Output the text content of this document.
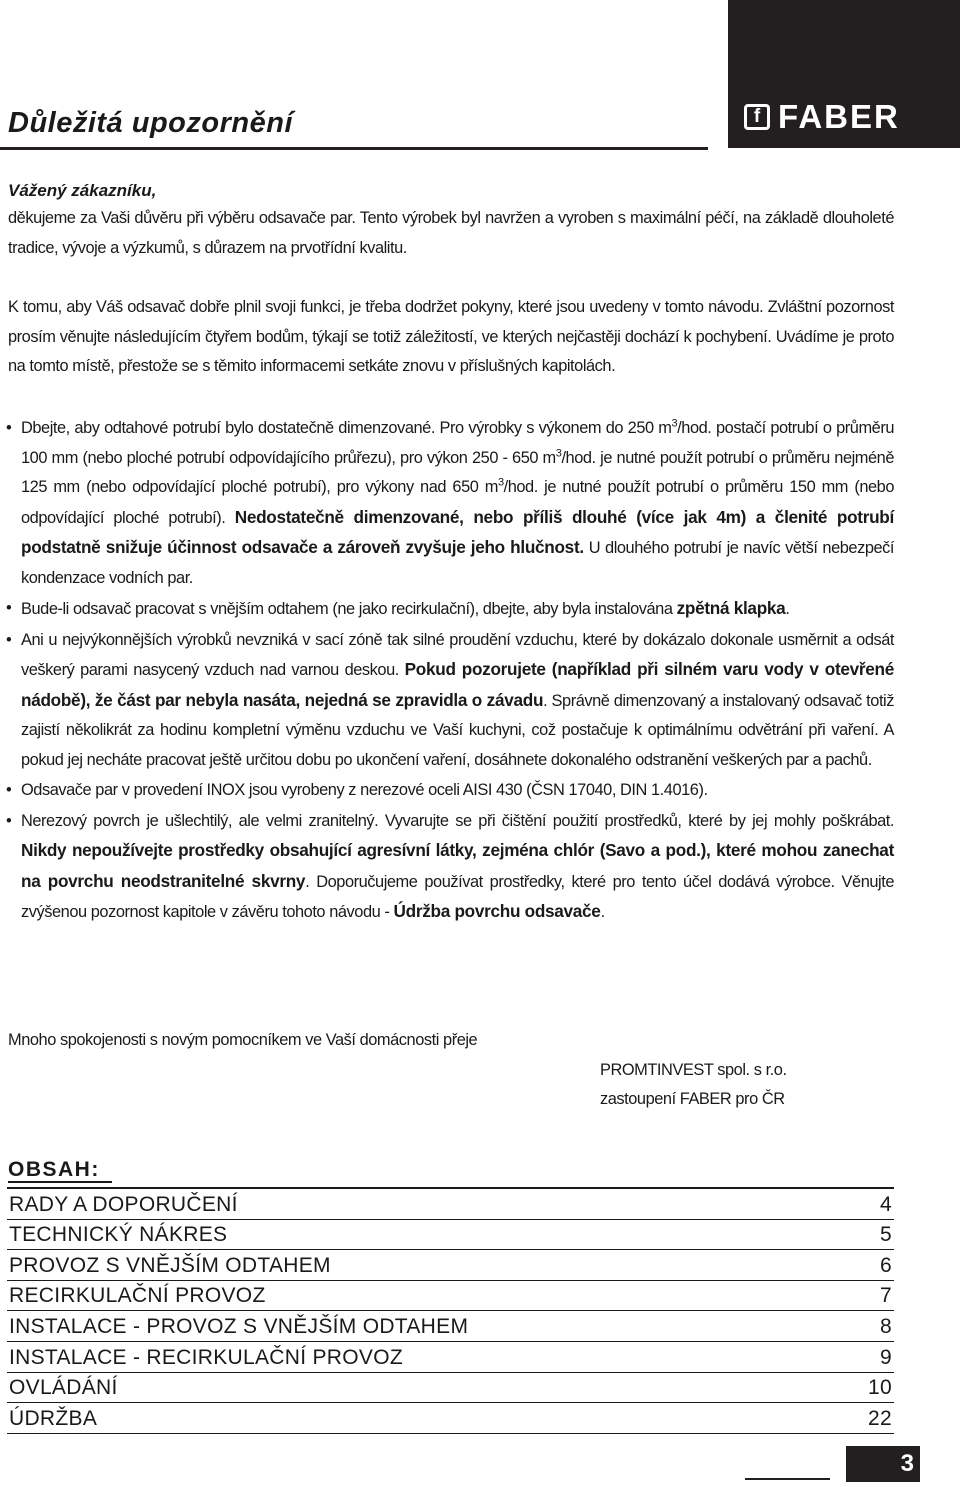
f FABER
Důležitá upozornění

Vážený zákazníku,

děkujeme za Vaši důvěru při výběru odsavače par. Tento výrobek byl navržen a vyroben s maximální péčí, na základě dlouholeté tradice, vývoje a výzkumů, s důrazem na prvotřídní kvalitu.

K tomu, aby Váš odsavač dobře plnil svoji funkci, je třeba dodržet pokyny, které jsou uvedeny v tomto návodu. Zvláštní pozornost prosím věnujte následujícím čtyřem bodům, týkají se totiž záležitostí, ve kterých nejčastěji dochází k pochybení. Uvádíme je proto na tomto místě, přestože se s těmito informacemi setkáte znovu v příslušných kapitolách.

• Dbejte, aby odtahové potrubí bylo dostatečně dimenzované. Pro výrobky s výkonem do 250 $m^3$/hod. postačí potrubí o průměru 100 mm (nebo ploché potrubí odpovídajícího průřezu), pro výkon 250 - 650 $m^3$/hod. je nutné použít potrubí o průměru nejméně 125 mm (nebo odpovídající ploché potrubí), pro výkony nad 650 $m^3$/hod. je nutné použít potrubí o průměru 150 mm (nebo odpovídající ploché potrubí). Nedostatečně dimenzované, nebo příliš dlouhé (více jak 4m) a členité potrubí podstatně snižuje účinnost odsavače a zároveň zvyšuje jeho hlučnost. U dlouhého potrubí je navíc větší nebezpečí kondenzace vodních par.
• Bude-li odsavač pracovat s vnějším odtahem (ne jako recirkulační), dbejte, aby byla instalována zpětná klapka.
• Ani u nejvýkonnějších výrobků nevzniká v sací zóně tak silné proudění vzduchu, které by dokázalo dokonale usměrnit a odsát veškerý parami nasycený vzduch nad varnou deskou. Pokud pozorujete (například při silném varu vody v otevřené nádobě), že část par nebyla nasáta, nejedná se zpravidla o závadu. Správně dimenzovaný a instalovaný odsavač totiž zajistí několikrát za hodinu kompletní výměnu vzduchu ve Vaší kuchyni, což postačuje k optimálnímu odvětrání při vaření. A pokud jej necháte pracovat ještě určitou dobu po ukončení vaření, dosáhnete dokonalého odstranění veškerých par a pachů.
• Odsavače par v provedení INOX jsou vyrobeny z nerezové oceli AISI 430 (ČSN 17040, DIN 1.4016).
• Nerezový povrch je ušlechtilý, ale velmi zranitelný. Vyvarujte se při čištění použití prostředků, které by jej mohly poškrábat. Nikdy nepoužívejte prostředky obsahující agresívní látky, zejména chlór (Savo a pod.), které mohou zanechat na povrchu neodstranitelné skvrny. Doporučujeme používat prostředky, které pro tento účel dodává výrobce. Věnujte zvýšenou pozornost kapitole v závěru tohoto návodu - Údržba povrchu odsavače.

Mnoho spokojenosti s novým pomocníkem ve Vaší domácnosti přeje

PROMTINVEST spol. s r.o.

zastoupení FABER pro ČR

OBSAH:
RADY A DOPORUČENÍ	4
TECHNICKÝ NÁKRES	5
PROVOZ S VNĚJŠÍM ODTAHEM	6
RECIRKULAČNÍ PROVOZ	7
INSTALACE - PROVOZ S VNĚJŠÍM ODTAHEM	8
INSTALACE - RECIRKULAČNÍ PROVOZ	9
OVLÁDÁNÍ	10
ÚDRŽBA	22
3
